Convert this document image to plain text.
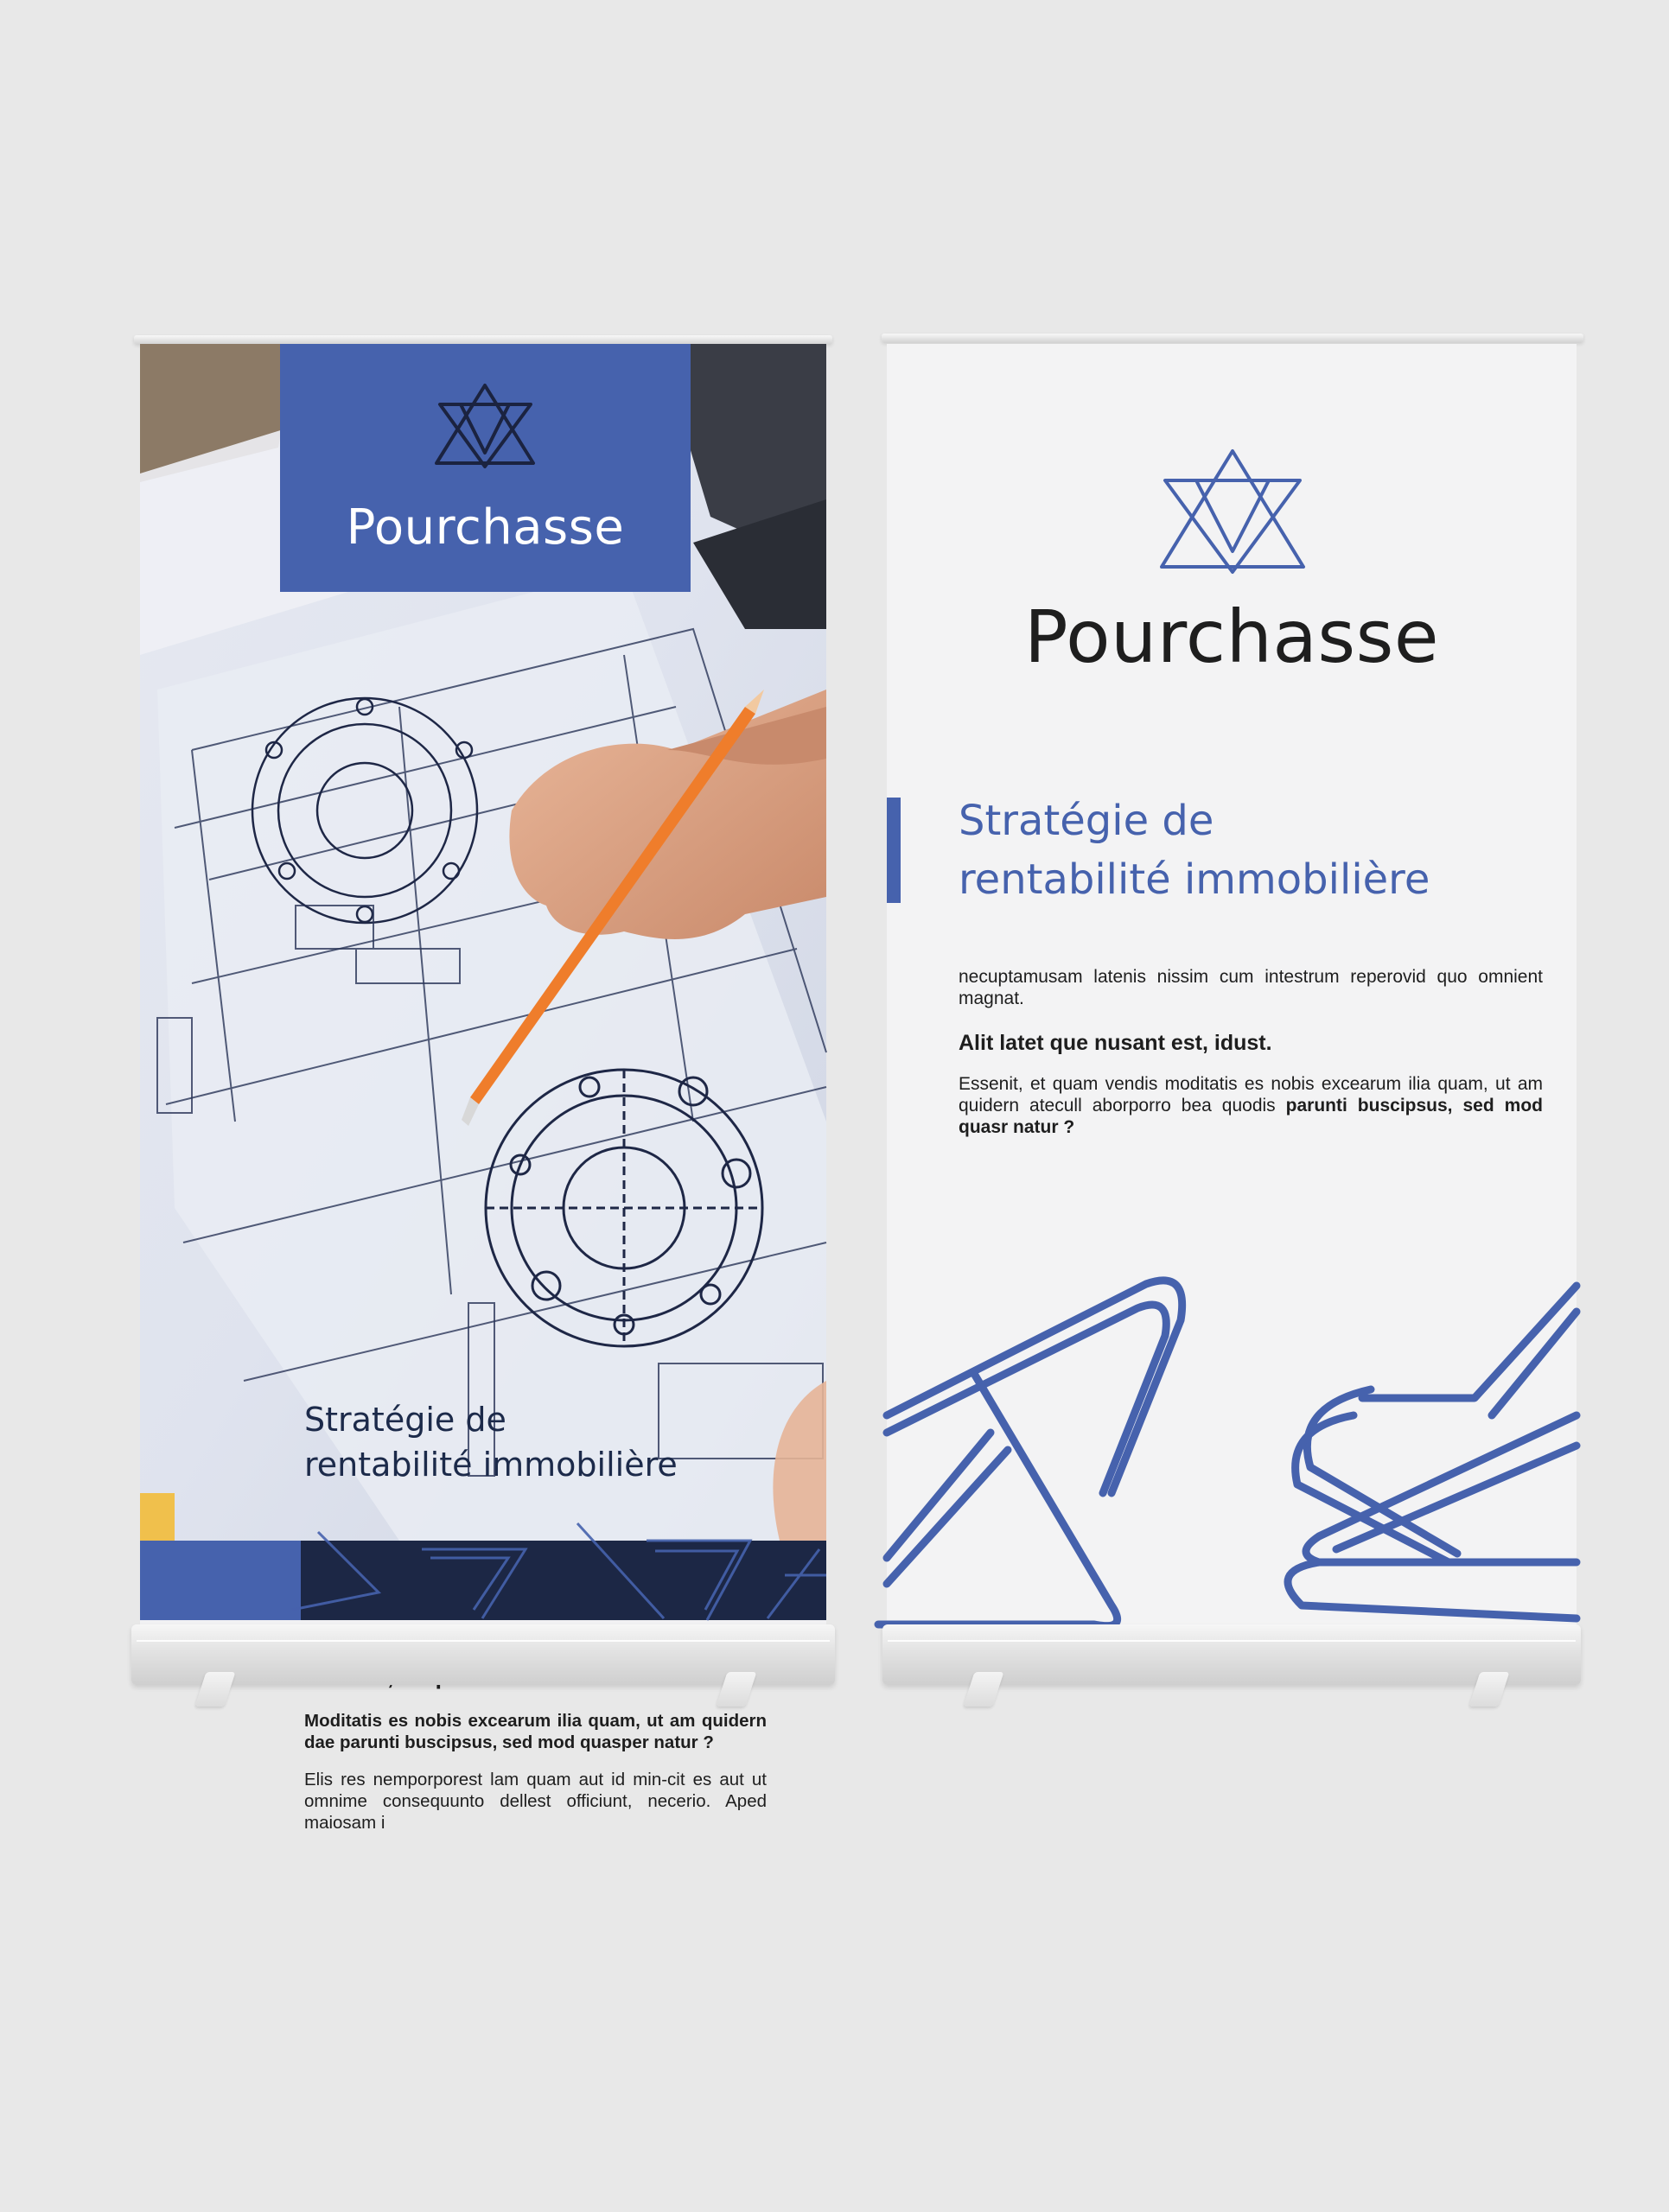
Pourchasse
Stratégie de
rentabilité immobilière

Moditatis es nobis excearum ilia quam, ut am quidern dae parunti buscipsus, sed mod quasper natur ?

Elis res nemporporest lam quam aut id min-cit es aut ut omnime consequunto dellest officiunt, necerio. Aped maiosam i

Pourchasse
Stratégie de
rentabilité immobilière

necuptamusam latenis nissim cum intestrum reperovid quo omnient magnat.

Alit latet que nusant est, idust.

Essenit, et quam vendis moditatis es nobis excearum ilia quam, ut am quidern atecull aborporro bea quodis parunti buscipsus, sed mod quasr natur ?
